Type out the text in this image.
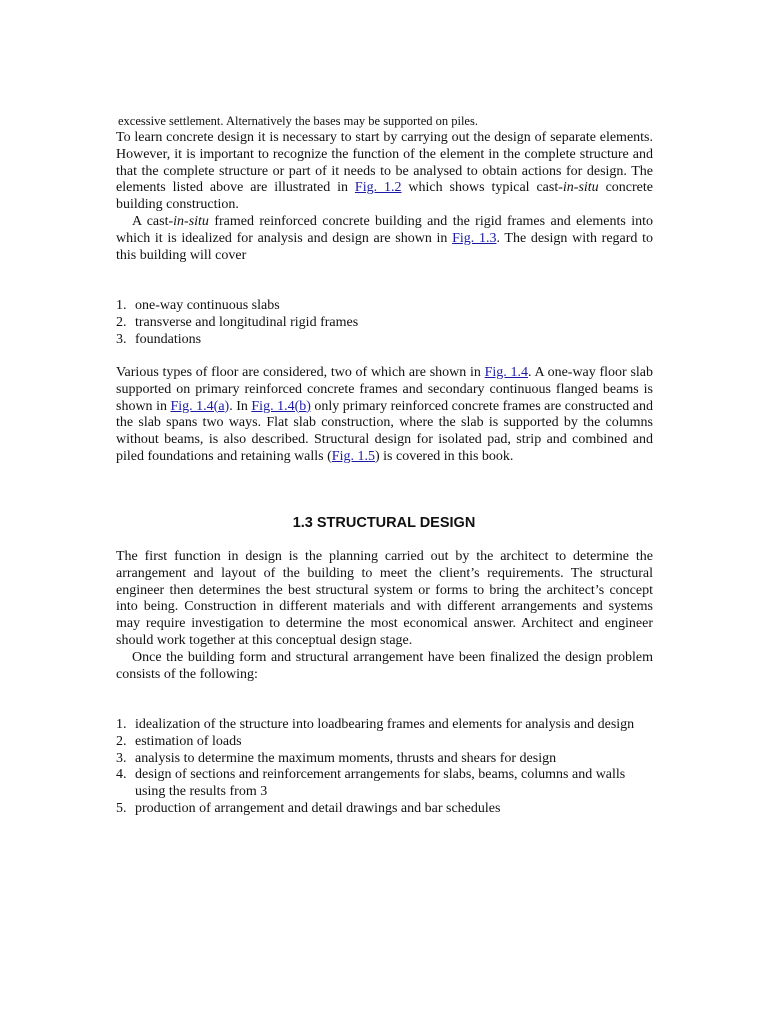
excessive settlement. Alternatively the bases may be supported on piles.

To learn concrete design it is necessary to start by carrying out the design of separate elements. However, it is important to recognize the function of the element in the complete structure and that the complete structure or part of it needs to be analysed to obtain actions for design. The elements listed above are illustrated in Fig. 1.2 which shows typical cast-in-situ concrete building construction.
A cast-in-situ framed reinforced concrete building and the rigid frames and elements into which it is idealized for analysis and design are shown in Fig. 1.3. The design with regard to this building will cover

1. one-way continuous slabs
2. transverse and longitudinal rigid frames
3. foundations

Various types of floor are considered, two of which are shown in Fig. 1.4. A one-way floor slab supported on primary reinforced concrete frames and secondary continuous flanged beams is shown in Fig. 1.4(a). In Fig. 1.4(b) only primary reinforced concrete frames are constructed and the slab spans two ways. Flat slab construction, where the slab is supported by the columns without beams, is also described. Structural design for isolated pad, strip and combined and piled foundations and retaining walls (Fig. 1.5) is covered in this book.

1.3 STRUCTURAL DESIGN

The first function in design is the planning carried out by the architect to determine the arrangement and layout of the building to meet the client’s requirements. The structural engineer then determines the best structural system or forms to bring the architect’s concept into being. Construction in different materials and with different arrangements and systems may require investigation to determine the most economical answer. Architect and engineer should work together at this conceptual design stage.
Once the building form and structural arrangement have been finalized the design problem consists of the following:

1. idealization of the structure into loadbearing frames and elements for analysis and design
2. estimation of loads
3. analysis to determine the maximum moments, thrusts and shears for design
4. design of sections and reinforcement arrangements for slabs, beams, columns and walls using the results from 3
5. production of arrangement and detail drawings and bar schedules
